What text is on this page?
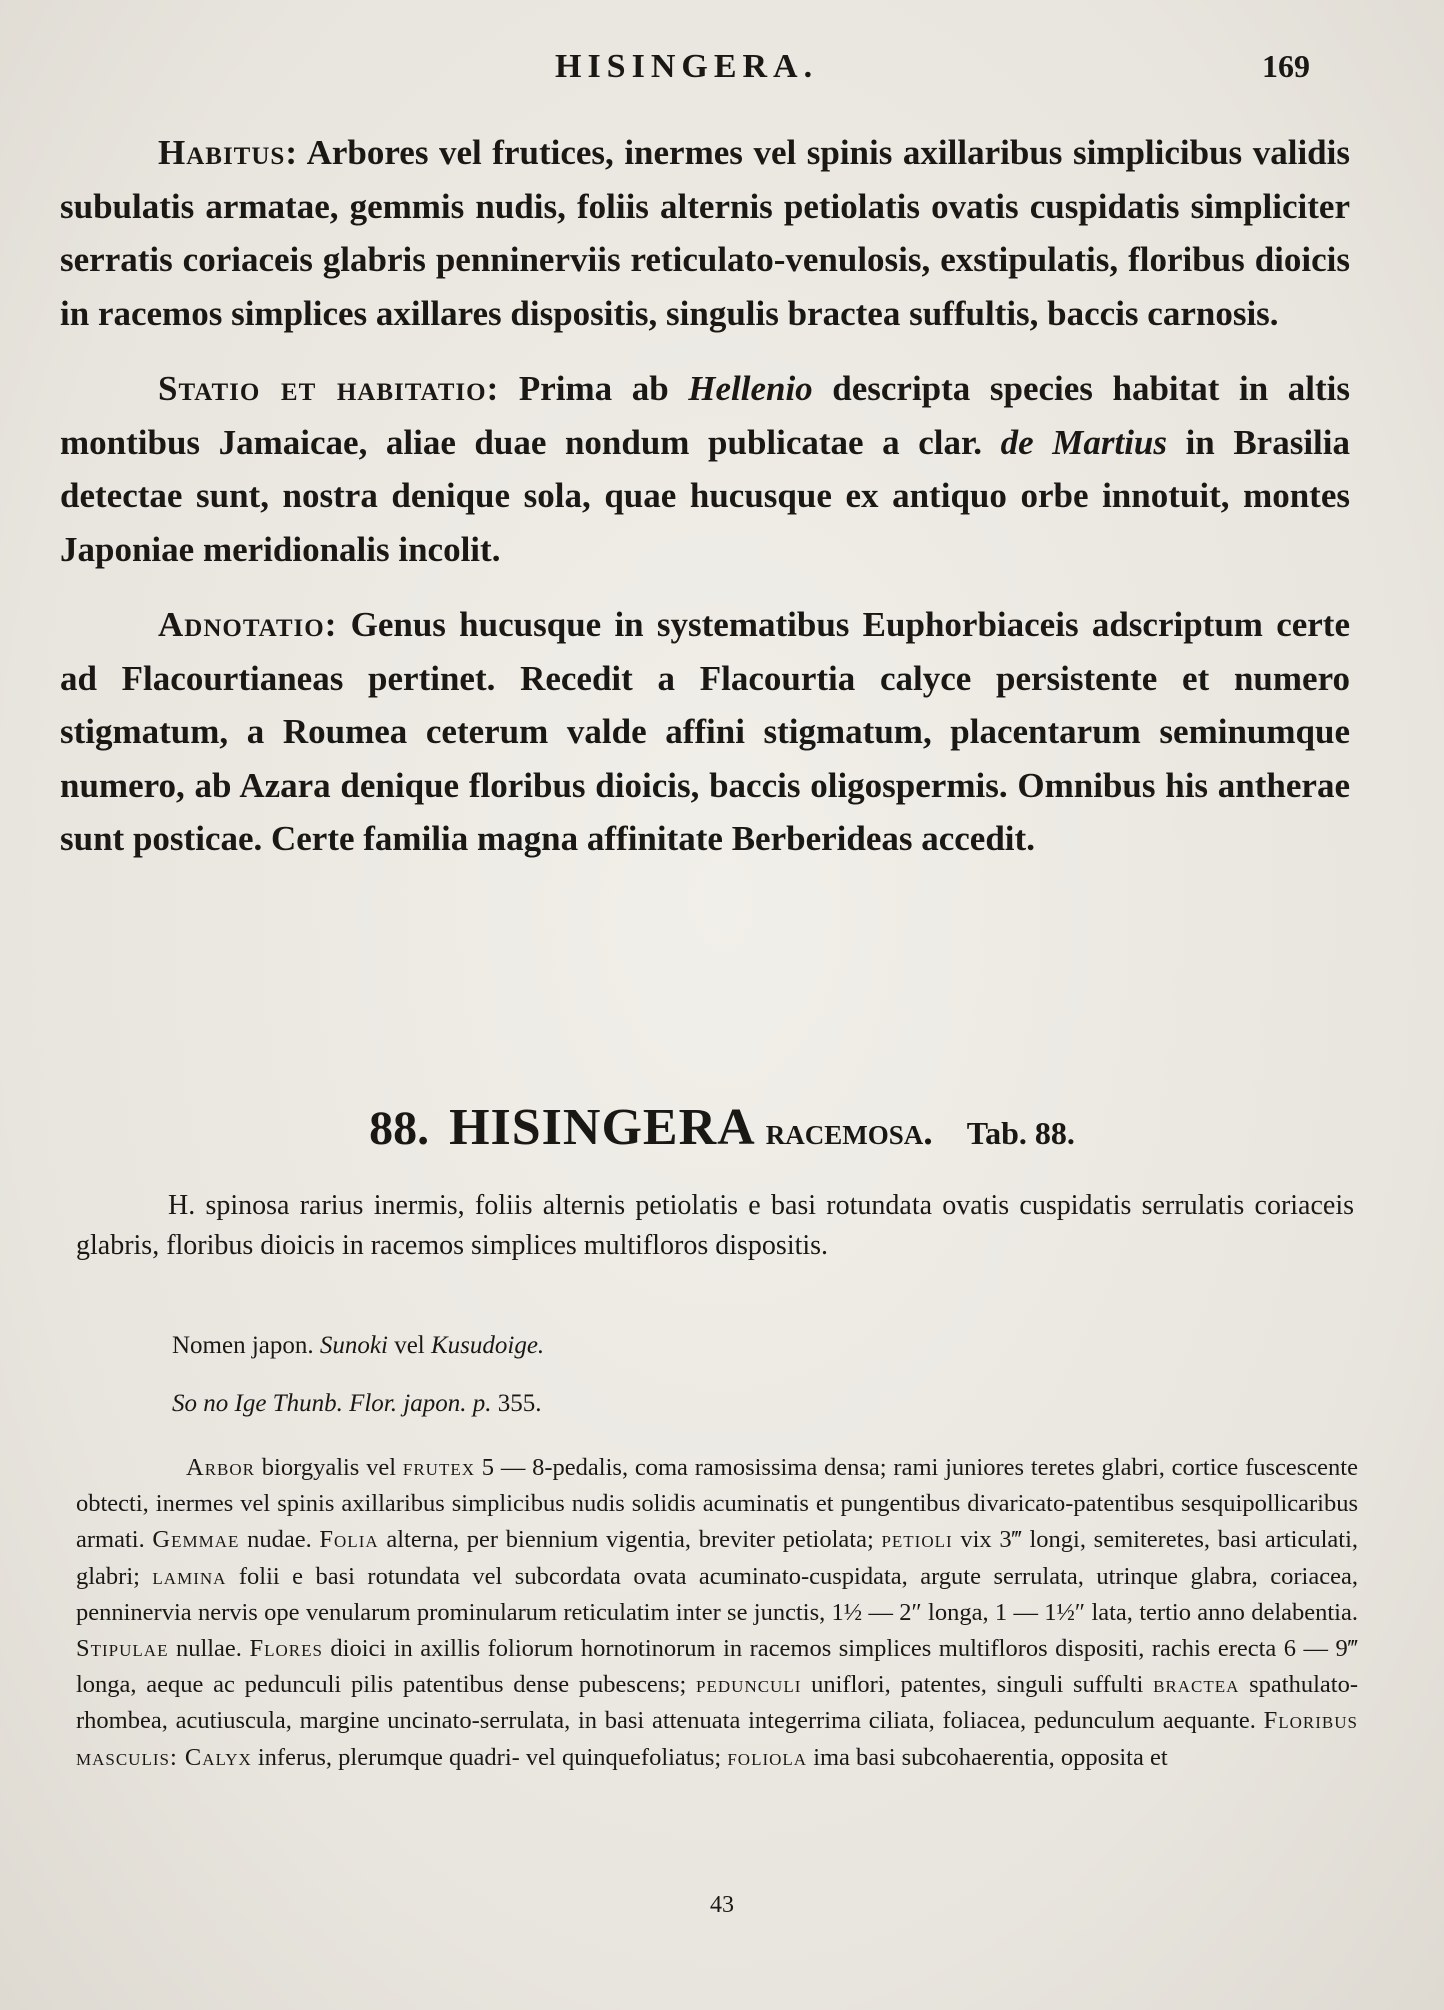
HISINGERA.	169

Habitus: Arbores vel frutices, inermes vel spinis axillaribus simplicibus validis subulatis armatae, gemmis nudis, foliis alternis petiolatis ovatis cuspidatis simpliciter serratis coriaceis glabris penninerviis reticulato-venulosis, exstipulatis, floribus dioicis in racemos simplices axillares dispositis, singulis bractea suffultis, baccis carnosis.

Statio et habitatio: Prima ab Hellenio descripta species habitat in altis montibus Jamaicae, aliae duae nondum publicatae a clar. de Martius in Brasilia detectae sunt, nostra denique sola, quae hucusque ex antiquo orbe innotuit, montes Japoniae meridionalis incolit.

Adnotatio: Genus hucusque in systematibus Euphorbiaceis adscriptum certe ad Flacourtianeas pertinet. Recedit a Flacourtia calyce persistente et numero stigmatum, a Roumea ceterum valde affini stigmatum, placentarum seminumque numero, ab Azara denique floribus dioicis, baccis oligospermis. Omnibus his antherae sunt posticae. Certe familia magna affinitate Berberideas accedit.

88. HISINGERA racemosa. Tab. 88.

H. spinosa rarius inermis, foliis alternis petiolatis e basi rotundata ovatis cuspidatis serrulatis coriaceis glabris, floribus dioicis in racemos simplices multifloros dispositis.

Nomen japon. Sunoki vel Kusudoige.
So no Ige Thunb. Flor. japon. p. 355.

Arbor biorgyalis vel frutex 5 — 8-pedalis, coma ramosissima densa; rami juniores teretes glabri, cortice fuscescente obtecti, inermes vel spinis axillaribus simplicibus nudis solidis acuminatis et pungentibus divaricato-patentibus sesquipollicaribus armati. Gemmae nudae. Folia alterna, per biennium vigentia, breviter petiolata; petioli vix 3‴ longi, semiteretes, basi articulati, glabri; lamina folii e basi rotundata vel subcordata ovata acuminato-cuspidata, argute serrulata, utrinque glabra, coriacea, penninervia nervis ope venularum prominularum reticulatim inter se junctis, 1½ — 2″ longa, 1 — 1½″ lata, tertio anno delabentia. Stipulae nullae. Flores dioici in axillis foliorum hornotinorum in racemos simplices multifloros dispositi, rachis erecta 6 — 9‴ longa, aeque ac pedunculi pilis patentibus dense pubescens; pedunculi uniflori, patentes, singuli suffulti bractea spathulato-rhombea, acutiuscula, margine uncinato-serrulata, in basi attenuata integerrima ciliata, foliacea, pedunculum aequante. Floribus masculis: Calyx inferus, plerumque quadri- vel quinquefoliatus; foliola ima basi subcohaerentia, opposita et

43
